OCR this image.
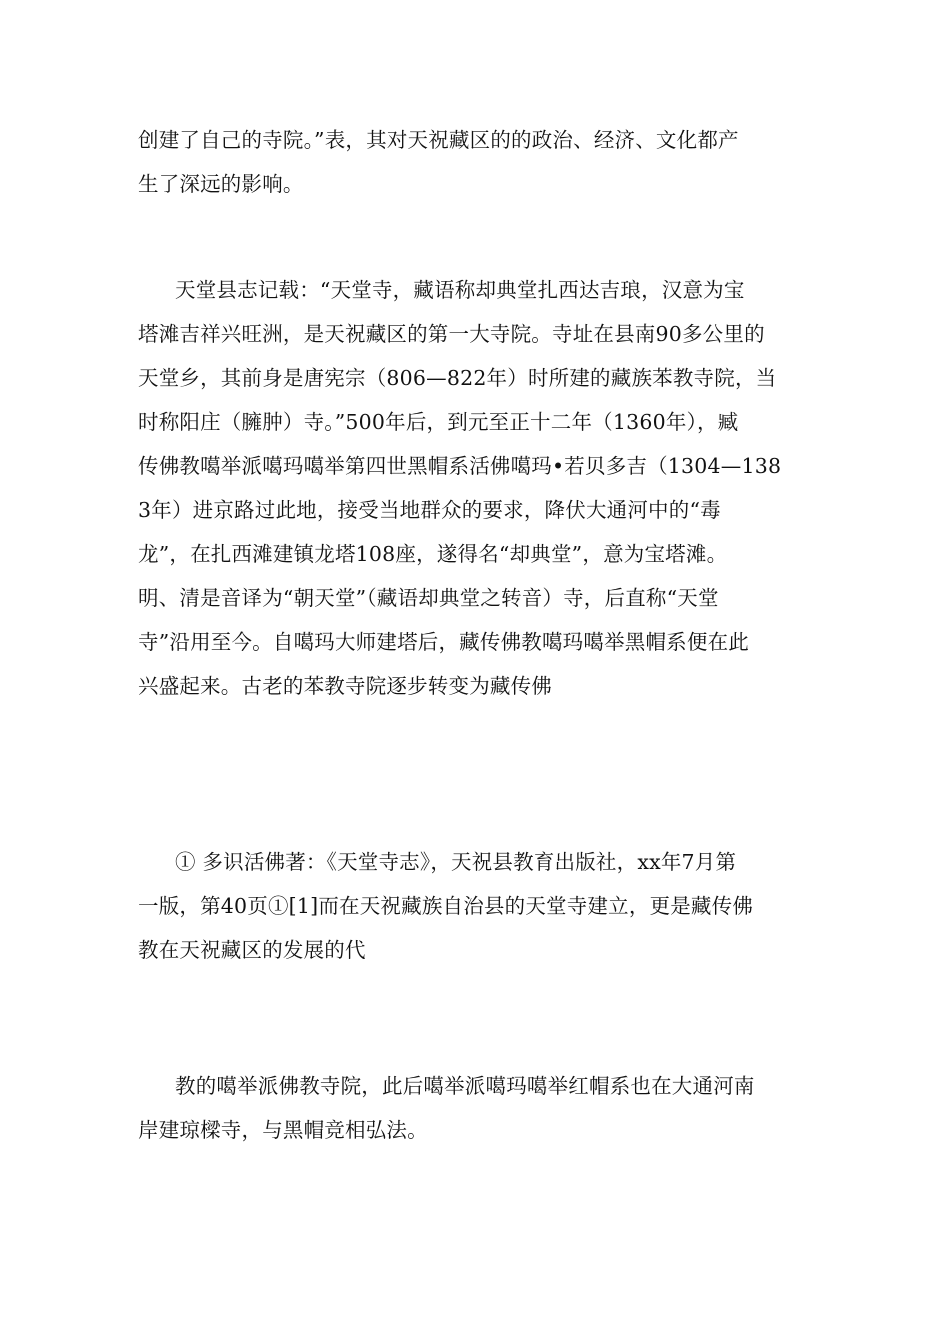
创建了自己的寺院。”表，其对天祝藏区的的政治、经济、文化都产
生了深远的影响。

天堂县志记载：“天堂寺，藏语称却典堂扎西达吉琅，汉意为宝
塔滩吉祥兴旺洲，是天祝藏区的第一大寺院。寺址在县南90多公里的
天堂乡，其前身是唐宪宗（806—822年）时所建的藏族苯教寺院，当
时称阳庄（臃肿）寺。”500年后，到元至正十二年（1360年），臧
传佛教噶举派噶玛噶举第四世黑帽系活佛噶玛•若贝多吉（1304—138
3年）进京路过此地，接受当地群众的要求，降伏大通河中的“毒
龙”，在扎西滩建镇龙塔108座，遂得名“却典堂”，意为宝塔滩。
明、清是音译为“朝天堂”（藏语却典堂之转音）寺，后直称“天堂
寺”沿用至今。自噶玛大师建塔后，藏传佛教噶玛噶举黑帽系便在此
兴盛起来。古老的苯教寺院逐步转变为藏传佛

① 多识活佛著：《天堂寺志》，天祝县教育出版社，xx年7月第
一版，第40页①[1]而在天祝藏族自治县的天堂寺建立，更是藏传佛
教在天祝藏区的发展的代

教的噶举派佛教寺院，此后噶举派噶玛噶举红帽系也在大通河南
岸建琼樑寺，与黑帽竞相弘法。
